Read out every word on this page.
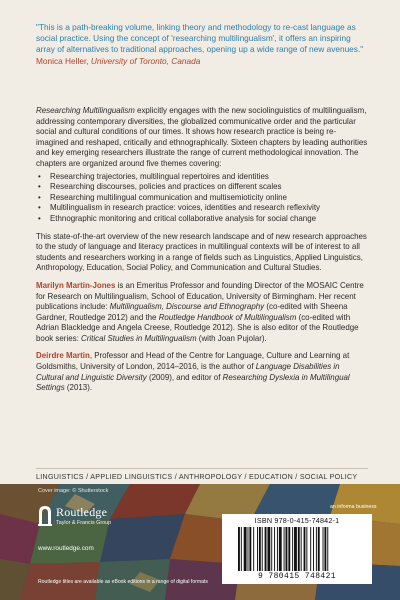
"This is a path-breaking volume, linking theory and methodology to re-cast language as social practice. Using the concept of 'researching multilingualism', it offers an inspiring array of alternatives to traditional approaches, opening up a wide range of new avenues."

Monica Heller, University of Toronto, Canada

Researching Multilingualism explicitly engages with the new sociolinguistics of multilingualism, addressing contemporary diversities, the globalized communicative order and the particular social and cultural conditions of our times. It shows how research practice is being re-imagined and reshaped, critically and ethnographically. Sixteen chapters by leading authorities and key emerging researchers illustrate the range of current methodological innovation. The chapters are organized around five themes covering:

• Researching trajectories, multilingual repertoires and identities
• Researching discourses, policies and practices on different scales
• Researching multilingual communication and multisemioticity online
• Multilingualism in research practice: voices, identities and research reflexivity
• Ethnographic monitoring and critical collaborative analysis for social change

This state-of-the-art overview of the new research landscape and of new research approaches to the study of language and literacy practices in multilingual contexts will be of interest to all students and researchers working in a range of fields such as Linguistics, Applied Linguistics, Anthropology, Education, Social Policy, and Communication and Cultural Studies.

Marilyn Martin-Jones is an Emeritus Professor and founding Director of the MOSAIC Centre for Research on Multilingualism, School of Education, University of Birmingham. Her recent publications include: Multilingualism, Discourse and Ethnography (co-edited with Sheena Gardner, Routledge 2012) and the Routledge Handbook of Multilingualism (co-edited with Adrian Blackledge and Angela Creese, Routledge 2012). She is also editor of the Routledge book series: Critical Studies in Multilingualism (with Joan Pujolar).

Deirdre Martin, Professor and Head of the Centre for Language, Culture and Learning at Goldsmiths, University of London, 2014–2016, is the author of Language Disabilities in Cultural and Linguistic Diversity (2009), and editor of Researching Dyslexia in Multilingual Settings (2013).

LINGUISTICS / APPLIED LINGUISTICS / ANTHROPOLOGY / EDUCATION / SOCIAL POLICY
Cover image: © Shutterstock
Routledge
Taylor & Francis Group
www.routledge.com
an informa business
Routledge titles are available as eBook editions in a range of digital formats
ISBN 978-0-415-74842-1
9 780415 748421
